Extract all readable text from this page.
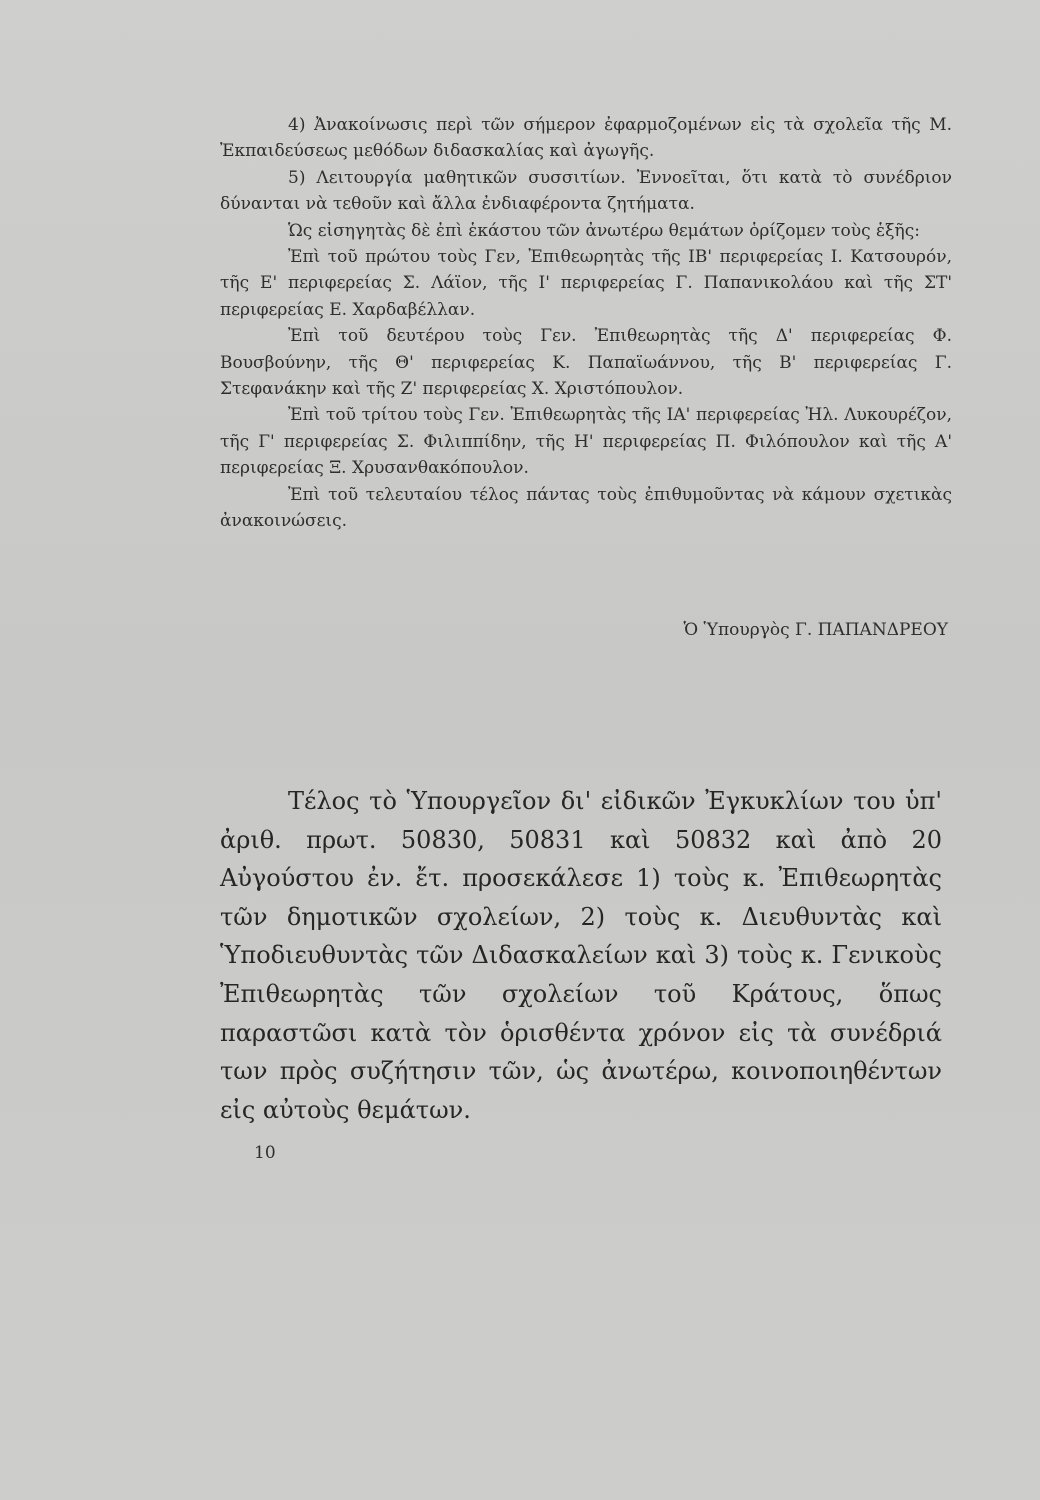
4) Ἀνακοίνωσις περὶ τῶν σήμερον ἐφαρμοζομένων εἰς τὰ σχολεῖα τῆς Μ. Ἐκπαιδεύσεως μεθόδων διδασκαλίας καὶ ἀγωγῆς.

5) Λειτουργία μαθητικῶν συσσιτίων. Ἐννοεῖται, ὅτι κατὰ τὸ συνέδριον δύνανται νὰ τεθοῦν καὶ ἄλλα ἐνδιαφέροντα ζητήματα.

Ὡς εἰσηγητὰς δὲ ἐπὶ ἑκάστου τῶν ἀνωτέρω θεμάτων ὁρίζομεν τοὺς ἑξῆς:

Ἐπὶ τοῦ πρώτου τοὺς Γεν, Ἐπιθεωρητὰς τῆς ΙΒ' περιφερείας Ι. Κατσουρόν, τῆς Ε' περιφερείας Σ. Λάϊον, τῆς Ι' περιφερείας Γ. Παπανικολάου καὶ τῆς ΣΤ' περιφερείας Ε. Χαρδαβέλλαν.

Ἐπὶ τοῦ δευτέρου τοὺς Γεν. Ἐπιθεωρητὰς τῆς Δ' περιφερείας Φ. Βουσβούνην, τῆς Θ' περιφερείας Κ. Παπαϊωάννου, τῆς Β' περιφερείας Γ. Στεφανάκην καὶ τῆς Ζ' περιφερείας Χ. Χριστόπουλον.

Ἐπὶ τοῦ τρίτου τοὺς Γεν. Ἐπιθεωρητὰς τῆς ΙΑ' περιφερείας Ἠλ. Λυκουρέζον, τῆς Γ' περιφερείας Σ. Φιλιππίδην, τῆς Η' περιφερείας Π. Φιλόπουλον καὶ τῆς Α' περιφερείας Ξ. Χρυσανθακόπουλον.

Ἐπὶ τοῦ τελευταίου τέλος πάντας τοὺς ἐπιθυμοῦντας νὰ κάμουν σχετικὰς ἀνακοινώσεις.

Ὁ Ὑπουργὸς Γ. ΠΑΠΑΝΔΡΕΟΥ
Τέλος τὸ Ὑπουργεῖον δι' εἰδικῶν Ἐγκυκλίων του ὑπ' ἀριθ. πρωτ. 50830, 50831 καὶ 50832 καὶ ἀπὸ 20 Αὐγούστου ἐν. ἔτ. προσεκάλεσε 1) τοὺς κ. Ἐπιθεωρητὰς τῶν δημοτικῶν σχολείων, 2) τοὺς κ. Διευθυντὰς καὶ Ὑποδιευθυντὰς τῶν Διδασκαλείων καὶ 3) τοὺς κ. Γενικοὺς Ἐπιθεωρητὰς τῶν σχολείων τοῦ Κράτους, ὅπως παραστῶσι κατὰ τὸν ὁρισθέντα χρόνον εἰς τὰ συνέδριά των πρὸς συζήτησιν τῶν, ὡς ἀνωτέρω, κοινοποιηθέντων εἰς αὐτοὺς θεμάτων.
10
